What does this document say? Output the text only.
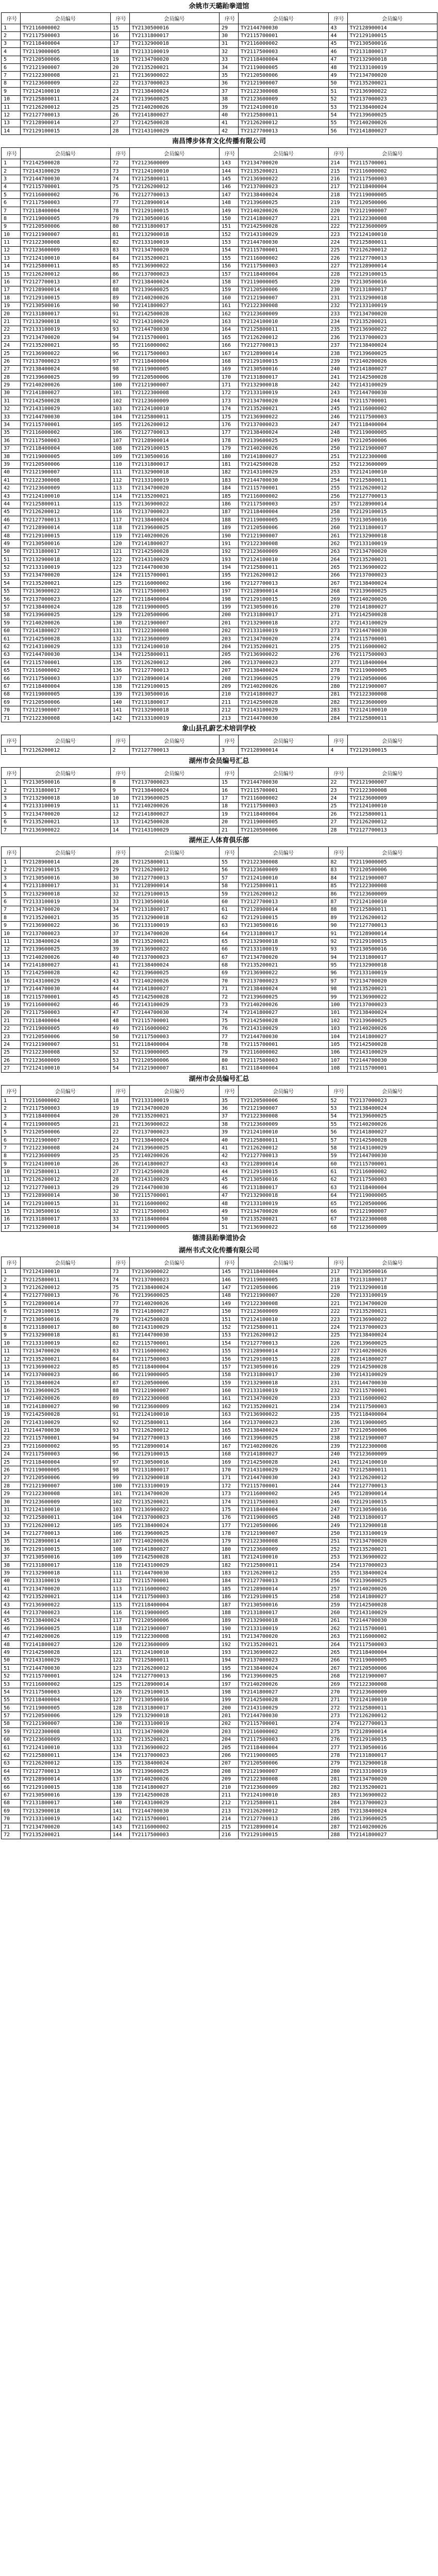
余姚市天璐跆拳道馆
序号	会员编号	序号	会员编号	序号	会员编号	序号	会员编号
1	TY2116000002	15	TY2130500016	29	TY2144700030	43	TY2128900014
2	TY2117500003	16	TY2131800017	30	TY2115700001	44	TY2129100015
3	TY2118400004	17	TY2132900018	31	TY2116000002	45	TY2130500016
4	TY2119000005	18	TY2133100019	32	TY2117500003	46	TY2131800017
5	TY2120500006	19	TY2134700020	33	TY2118400004	47	TY2132900018
6	TY2121900007	20	TY2135200021	34	TY2119000005	48	TY2133100019
7	TY2122300008	21	TY2136900022	35	TY2120500006	49	TY2134700020
8	TY2123600009	22	TY2137000023	36	TY2121900007	50	TY2135200021
9	TY2124100010	23	TY2138400024	37	TY2122300008	51	TY2136900022
10	TY2125800011	24	TY2139600025	38	TY2123600009	52	TY2137000023
11	TY2126200012	25	TY2140200026	39	TY2124100010	53	TY2138400024
12	TY2127700013	26	TY2141800027	40	TY2125800011	54	TY2139600025
13	TY2128900014	27	TY2142500028	41	TY2126200012	55	TY2140200026
14	TY2129100015	28	TY2143100029	42	TY2127700013	56	TY2141800027
南昌博步体育文化传播有限公司
序号	会员编号	序号	会员编号	序号	会员编号	序号	会员编号
1	TY2142500028	72	TY2123600009	143	TY2134700020	214	TY2115700001
2	TY2143100029	73	TY2124100010	144	TY2135200021	215	TY2116000002
3	TY2144700030	74	TY2125800011	145	TY2136900022	216	TY2117500003
4	TY2115700001	75	TY2126200012	146	TY2137000023	217	TY2118400004
5	TY2116000002	76	TY2127700013	147	TY2138400024	218	TY2119000005
6	TY2117500003	77	TY2128900014	148	TY2139600025	219	TY2120500006
7	TY2118400004	78	TY2129100015	149	TY2140200026	220	TY2121900007
8	TY2119000005	79	TY2130500016	150	TY2141800027	221	TY2122300008
9	TY2120500006	80	TY2131800017	151	TY2142500028	222	TY2123600009
10	TY2121900007	81	TY2132900018	152	TY2143100029	223	TY2124100010
11	TY2122300008	82	TY2133100019	153	TY2144700030	224	TY2125800011
12	TY2123600009	83	TY2134700020	154	TY2115700001	225	TY2126200012
13	TY2124100010	84	TY2135200021	155	TY2116000002	226	TY2127700013
14	TY2125800011	85	TY2136900022	156	TY2117500003	227	TY2128900014
15	TY2126200012	86	TY2137000023	157	TY2118400004	228	TY2129100015
16	TY2127700013	87	TY2138400024	158	TY2119000005	229	TY2130500016
17	TY2128900014	88	TY2139600025	159	TY2120500006	230	TY2131800017
18	TY2129100015	89	TY2140200026	160	TY2121900007	231	TY2132900018
19	TY2130500016	90	TY2141800027	161	TY2122300008	232	TY2133100019
20	TY2131800017	91	TY2142500028	162	TY2123600009	233	TY2134700020
21	TY2132900018	92	TY2143100029	163	TY2124100010	234	TY2135200021
22	TY2133100019	93	TY2144700030	164	TY2125800011	235	TY2136900022
23	TY2134700020	94	TY2115700001	165	TY2126200012	236	TY2137000023
24	TY2135200021	95	TY2116000002	166	TY2127700013	237	TY2138400024
25	TY2136900022	96	TY2117500003	167	TY2128900014	238	TY2139600025
26	TY2137000023	97	TY2118400004	168	TY2129100015	239	TY2140200026
27	TY2138400024	98	TY2119000005	169	TY2130500016	240	TY2141800027
28	TY2139600025	99	TY2120500006	170	TY2131800017	241	TY2142500028
29	TY2140200026	100	TY2121900007	171	TY2132900018	242	TY2143100029
30	TY2141800027	101	TY2122300008	172	TY2133100019	243	TY2144700030
31	TY2142500028	102	TY2123600009	173	TY2134700020	244	TY2115700001
32	TY2143100029	103	TY2124100010	174	TY2135200021	245	TY2116000002
33	TY2144700030	104	TY2125800011	175	TY2136900022	246	TY2117500003
34	TY2115700001	105	TY2126200012	176	TY2137000023	247	TY2118400004
35	TY2116000002	106	TY2127700013	177	TY2138400024	248	TY2119000005
36	TY2117500003	107	TY2128900014	178	TY2139600025	249	TY2120500006
37	TY2118400004	108	TY2129100015	179	TY2140200026	250	TY2121900007
38	TY2119000005	109	TY2130500016	180	TY2141800027	251	TY2122300008
39	TY2120500006	110	TY2131800017	181	TY2142500028	252	TY2123600009
40	TY2121900007	111	TY2132900018	182	TY2143100029	253	TY2124100010
41	TY2122300008	112	TY2133100019	183	TY2144700030	254	TY2125800011
42	TY2123600009	113	TY2134700020	184	TY2115700001	255	TY2126200012
43	TY2124100010	114	TY2135200021	185	TY2116000002	256	TY2127700013
44	TY2125800011	115	TY2136900022	186	TY2117500003	257	TY2128900014
45	TY2126200012	116	TY2137000023	187	TY2118400004	258	TY2129100015
46	TY2127700013	117	TY2138400024	188	TY2119000005	259	TY2130500016
47	TY2128900014	118	TY2139600025	189	TY2120500006	260	TY2131800017
48	TY2129100015	119	TY2140200026	190	TY2121900007	261	TY2132900018
49	TY2130500016	120	TY2141800027	191	TY2122300008	262	TY2133100019
50	TY2131800017	121	TY2142500028	192	TY2123600009	263	TY2134700020
51	TY2132900018	122	TY2143100029	193	TY2124100010	264	TY2135200021
52	TY2133100019	123	TY2144700030	194	TY2125800011	265	TY2136900022
53	TY2134700020	124	TY2115700001	195	TY2126200012	266	TY2137000023
54	TY2135200021	125	TY2116000002	196	TY2127700013	267	TY2138400024
55	TY2136900022	126	TY2117500003	197	TY2128900014	268	TY2139600025
56	TY2137000023	127	TY2118400004	198	TY2129100015	269	TY2140200026
57	TY2138400024	128	TY2119000005	199	TY2130500016	270	TY2141800027
58	TY2139600025	129	TY2120500006	200	TY2131800017	271	TY2142500028
59	TY2140200026	130	TY2121900007	201	TY2132900018	272	TY2143100029
60	TY2141800027	131	TY2122300008	202	TY2133100019	273	TY2144700030
61	TY2142500028	132	TY2123600009	203	TY2134700020	274	TY2115700001
62	TY2143100029	133	TY2124100010	204	TY2135200021	275	TY2116000002
63	TY2144700030	134	TY2125800011	205	TY2136900022	276	TY2117500003
64	TY2115700001	135	TY2126200012	206	TY2137000023	277	TY2118400004
65	TY2116000002	136	TY2127700013	207	TY2138400024	278	TY2119000005
66	TY2117500003	137	TY2128900014	208	TY2139600025	279	TY2120500006
67	TY2118400004	138	TY2129100015	209	TY2140200026	280	TY2121900007
68	TY2119000005	139	TY2130500016	210	TY2141800027	281	TY2122300008
69	TY2120500006	140	TY2131800017	211	TY2142500028	282	TY2123600009
70	TY2121900007	141	TY2132900018	212	TY2143100029	283	TY2124100010
71	TY2122300008	142	TY2133100019	213	TY2144700030	284	TY2125800011
象山县孔蔚艺术培训学校
序号	会员编号	序号	会员编号	序号	会员编号	序号	会员编号
1	TY2126200012	2	TY2127700013	3	TY2128900014	4	TY2129100015
湖州市会员编号汇总
序号	会员编号	序号	会员编号	序号	会员编号	序号	会员编号
1	TY2130500016	8	TY2137000023	15	TY2144700030	22	TY2121900007
2	TY2131800017	9	TY2138400024	16	TY2115700001	23	TY2122300008
3	TY2132900018	10	TY2139600025	17	TY2116000002	24	TY2123600009
4	TY2133100019	11	TY2140200026	18	TY2117500003	25	TY2124100010
5	TY2134700020	12	TY2141800027	19	TY2118400004	26	TY2125800011
6	TY2135200021	13	TY2142500028	20	TY2119000005	27	TY2126200012
7	TY2136900022	14	TY2143100029	21	TY2120500006	28	TY2127700013
湖州正人体育俱乐部
序号	会员编号	序号	会员编号	序号	会员编号	序号	会员编号
1	TY2128900014	28	TY2125800011	55	TY2122300008	82	TY2119000005
2	TY2129100015	29	TY2126200012	56	TY2123600009	83	TY2120500006
3	TY2130500016	30	TY2127700013	57	TY2124100010	84	TY2121900007
4	TY2131800017	31	TY2128900014	58	TY2125800011	85	TY2122300008
5	TY2132900018	32	TY2129100015	59	TY2126200012	86	TY2123600009
6	TY2133100019	33	TY2130500016	60	TY2127700013	87	TY2124100010
7	TY2134700020	34	TY2131800017	61	TY2128900014	88	TY2125800011
8	TY2135200021	35	TY2132900018	62	TY2129100015	89	TY2126200012
9	TY2136900022	36	TY2133100019	63	TY2130500016	90	TY2127700013
10	TY2137000023	37	TY2134700020	64	TY2131800017	91	TY2128900014
11	TY2138400024	38	TY2135200021	65	TY2132900018	92	TY2129100015
12	TY2139600025	39	TY2136900022	66	TY2133100019	93	TY2130500016
13	TY2140200026	40	TY2137000023	67	TY2134700020	94	TY2131800017
14	TY2141800027	41	TY2138400024	68	TY2135200021	95	TY2132900018
15	TY2142500028	42	TY2139600025	69	TY2136900022	96	TY2133100019
16	TY2143100029	43	TY2140200026	70	TY2137000023	97	TY2134700020
17	TY2144700030	44	TY2141800027	71	TY2138400024	98	TY2135200021
18	TY2115700001	45	TY2142500028	72	TY2139600025	99	TY2136900022
19	TY2116000002	46	TY2143100029	73	TY2140200026	100	TY2137000023
20	TY2117500003	47	TY2144700030	74	TY2141800027	101	TY2138400024
21	TY2118400004	48	TY2115700001	75	TY2142500028	102	TY2139600025
22	TY2119000005	49	TY2116000002	76	TY2143100029	103	TY2140200026
23	TY2120500006	50	TY2117500003	77	TY2144700030	104	TY2141800027
24	TY2121900007	51	TY2118400004	78	TY2115700001	105	TY2142500028
25	TY2122300008	52	TY2119000005	79	TY2116000002	106	TY2143100029
26	TY2123600009	53	TY2120500006	80	TY2117500003	107	TY2144700030
27	TY2124100010	54	TY2121900007	81	TY2118400004	108	TY2115700001
湖州市会员编号汇总
序号	会员编号	序号	会员编号	序号	会员编号	序号	会员编号
1	TY2116000002	18	TY2133100019	35	TY2120500006	52	TY2137000023
2	TY2117500003	19	TY2134700020	36	TY2121900007	53	TY2138400024
3	TY2118400004	20	TY2135200021	37	TY2122300008	54	TY2139600025
4	TY2119000005	21	TY2136900022	38	TY2123600009	55	TY2140200026
5	TY2120500006	22	TY2137000023	39	TY2124100010	56	TY2141800027
6	TY2121900007	23	TY2138400024	40	TY2125800011	57	TY2142500028
7	TY2122300008	24	TY2139600025	41	TY2126200012	58	TY2143100029
8	TY2123600009	25	TY2140200026	42	TY2127700013	59	TY2144700030
9	TY2124100010	26	TY2141800027	43	TY2128900014	60	TY2115700001
10	TY2125800011	27	TY2142500028	44	TY2129100015	61	TY2116000002
11	TY2126200012	28	TY2143100029	45	TY2130500016	62	TY2117500003
12	TY2127700013	29	TY2144700030	46	TY2131800017	63	TY2118400004
13	TY2128900014	30	TY2115700001	47	TY2132900018	64	TY2119000005
14	TY2129100015	31	TY2116000002	48	TY2133100019	65	TY2120500006
15	TY2130500016	32	TY2117500003	49	TY2134700020	66	TY2121900007
16	TY2131800017	33	TY2118400004	50	TY2135200021	67	TY2122300008
17	TY2132900018	34	TY2119000005	51	TY2136900022	68	TY2123600009
德清县跆拳道协会
湖州书式文化传播有限公司
序号	会员编号	序号	会员编号	序号	会员编号	序号	会员编号
1	TY2124100010	73	TY2136900022	145	TY2118400004	217	TY2130500016
2	TY2125800011	74	TY2137000023	146	TY2119000005	218	TY2131800017
3	TY2126200012	75	TY2138400024	147	TY2120500006	219	TY2132900018
4	TY2127700013	76	TY2139600025	148	TY2121900007	220	TY2133100019
5	TY2128900014	77	TY2140200026	149	TY2122300008	221	TY2134700020
6	TY2129100015	78	TY2141800027	150	TY2123600009	222	TY2135200021
7	TY2130500016	79	TY2142500028	151	TY2124100010	223	TY2136900022
8	TY2131800017	80	TY2143100029	152	TY2125800011	224	TY2137000023
9	TY2132900018	81	TY2144700030	153	TY2126200012	225	TY2138400024
10	TY2133100019	82	TY2115700001	154	TY2127700013	226	TY2139600025
11	TY2134700020	83	TY2116000002	155	TY2128900014	227	TY2140200026
12	TY2135200021	84	TY2117500003	156	TY2129100015	228	TY2141800027
13	TY2136900022	85	TY2118400004	157	TY2130500016	229	TY2142500028
14	TY2137000023	86	TY2119000005	158	TY2131800017	230	TY2143100029
15	TY2138400024	87	TY2120500006	159	TY2132900018	231	TY2144700030
16	TY2139600025	88	TY2121900007	160	TY2133100019	232	TY2115700001
17	TY2140200026	89	TY2122300008	161	TY2134700020	233	TY2116000002
18	TY2141800027	90	TY2123600009	162	TY2135200021	234	TY2117500003
19	TY2142500028	91	TY2124100010	163	TY2136900022	235	TY2118400004
20	TY2143100029	92	TY2125800011	164	TY2137000023	236	TY2119000005
21	TY2144700030	93	TY2126200012	165	TY2138400024	237	TY2120500006
22	TY2115700001	94	TY2127700013	166	TY2139600025	238	TY2121900007
23	TY2116000002	95	TY2128900014	167	TY2140200026	239	TY2122300008
24	TY2117500003	96	TY2129100015	168	TY2141800027	240	TY2123600009
25	TY2118400004	97	TY2130500016	169	TY2142500028	241	TY2124100010
26	TY2119000005	98	TY2131800017	170	TY2143100029	242	TY2125800011
27	TY2120500006	99	TY2132900018	171	TY2144700030	243	TY2126200012
28	TY2121900007	100	TY2133100019	172	TY2115700001	244	TY2127700013
29	TY2122300008	101	TY2134700020	173	TY2116000002	245	TY2128900014
30	TY2123600009	102	TY2135200021	174	TY2117500003	246	TY2129100015
31	TY2124100010	103	TY2136900022	175	TY2118400004	247	TY2130500016
32	TY2125800011	104	TY2137000023	176	TY2119000005	248	TY2131800017
33	TY2126200012	105	TY2138400024	177	TY2120500006	249	TY2132900018
34	TY2127700013	106	TY2139600025	178	TY2121900007	250	TY2133100019
35	TY2128900014	107	TY2140200026	179	TY2122300008	251	TY2134700020
36	TY2129100015	108	TY2141800027	180	TY2123600009	252	TY2135200021
37	TY2130500016	109	TY2142500028	181	TY2124100010	253	TY2136900022
38	TY2131800017	110	TY2143100029	182	TY2125800011	254	TY2137000023
39	TY2132900018	111	TY2144700030	183	TY2126200012	255	TY2138400024
40	TY2133100019	112	TY2115700001	184	TY2127700013	256	TY2139600025
41	TY2134700020	113	TY2116000002	185	TY2128900014	257	TY2140200026
42	TY2135200021	114	TY2117500003	186	TY2129100015	258	TY2141800027
43	TY2136900022	115	TY2118400004	187	TY2130500016	259	TY2142500028
44	TY2137000023	116	TY2119000005	188	TY2131800017	260	TY2143100029
45	TY2138400024	117	TY2120500006	189	TY2132900018	261	TY2144700030
46	TY2139600025	118	TY2121900007	190	TY2133100019	262	TY2115700001
47	TY2140200026	119	TY2122300008	191	TY2134700020	263	TY2116000002
48	TY2141800027	120	TY2123600009	192	TY2135200021	264	TY2117500003
49	TY2142500028	121	TY2124100010	193	TY2136900022	265	TY2118400004
50	TY2143100029	122	TY2125800011	194	TY2137000023	266	TY2119000005
51	TY2144700030	123	TY2126200012	195	TY2138400024	267	TY2120500006
52	TY2115700001	124	TY2127700013	196	TY2139600025	268	TY2121900007
53	TY2116000002	125	TY2128900014	197	TY2140200026	269	TY2122300008
54	TY2117500003	126	TY2129100015	198	TY2141800027	270	TY2123600009
55	TY2118400004	127	TY2130500016	199	TY2142500028	271	TY2124100010
56	TY2119000005	128	TY2131800017	200	TY2143100029	272	TY2125800011
57	TY2120500006	129	TY2132900018	201	TY2144700030	273	TY2126200012
58	TY2121900007	130	TY2133100019	202	TY2115700001	274	TY2127700013
59	TY2122300008	131	TY2134700020	203	TY2116000002	275	TY2128900014
60	TY2123600009	132	TY2135200021	204	TY2117500003	276	TY2129100015
61	TY2124100010	133	TY2136900022	205	TY2118400004	277	TY2130500016
62	TY2125800011	134	TY2137000023	206	TY2119000005	278	TY2131800017
63	TY2126200012	135	TY2138400024	207	TY2120500006	279	TY2132900018
64	TY2127700013	136	TY2139600025	208	TY2121900007	280	TY2133100019
65	TY2128900014	137	TY2140200026	209	TY2122300008	281	TY2134700020
66	TY2129100015	138	TY2141800027	210	TY2123600009	282	TY2135200021
67	TY2130500016	139	TY2142500028	211	TY2124100010	283	TY2136900022
68	TY2131800017	140	TY2143100029	212	TY2125800011	284	TY2137000023
69	TY2132900018	141	TY2144700030	213	TY2126200012	285	TY2138400024
70	TY2133100019	142	TY2115700001	214	TY2127700013	286	TY2139600025
71	TY2134700020	143	TY2116000002	215	TY2128900014	287	TY2140200026
72	TY2135200021	144	TY2117500003	216	TY2129100015	288	TY2141800027
